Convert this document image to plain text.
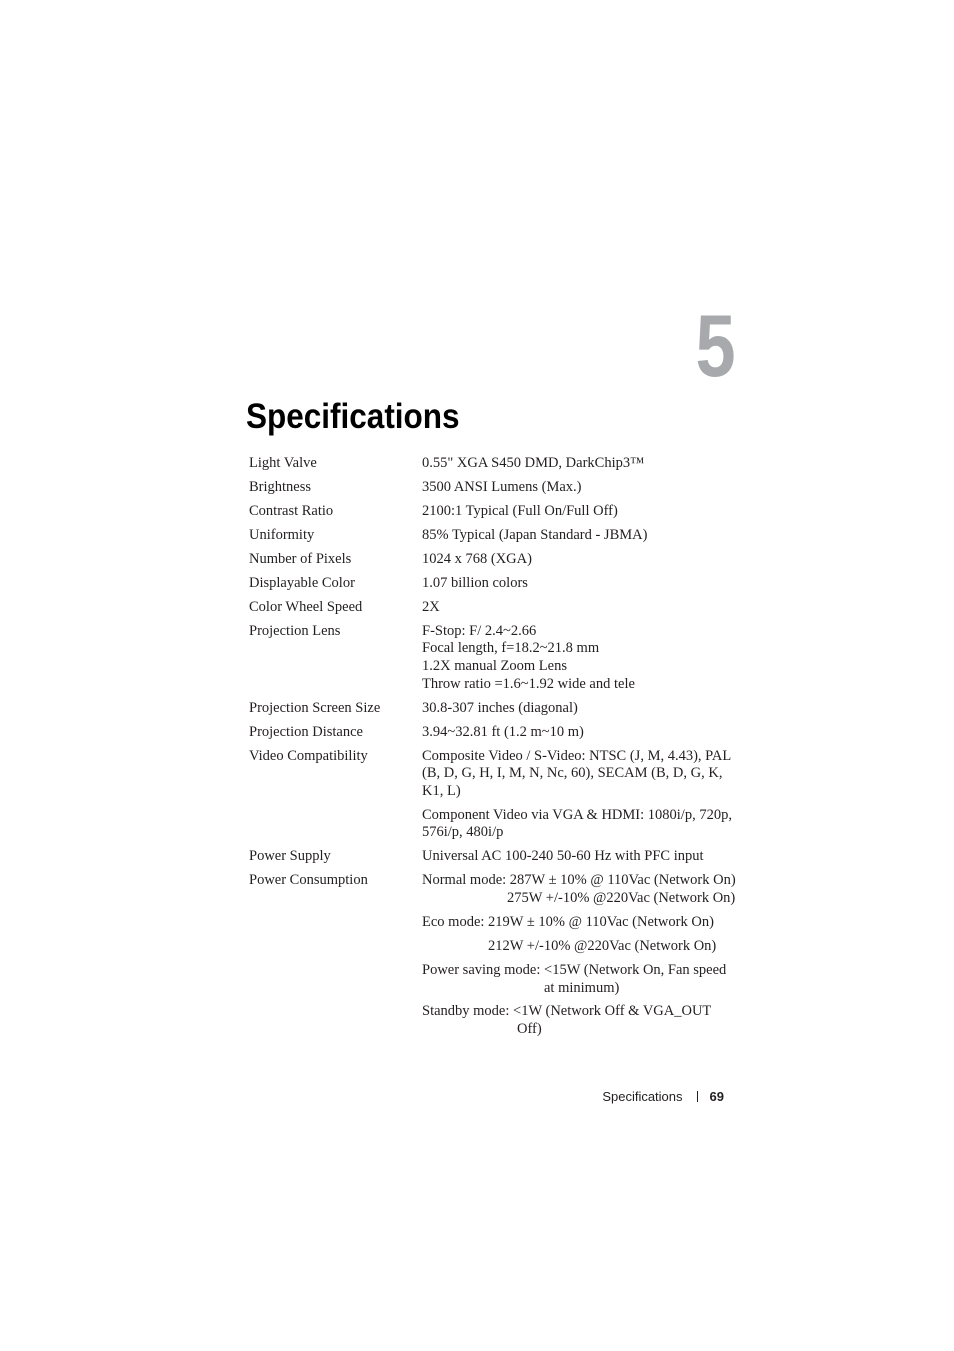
5
Specifications
Light Valve	0.55" XGA S450 DMD, DarkChip3™
Brightness	3500 ANSI Lumens (Max.)
Contrast Ratio	2100:1 Typical (Full On/Full Off)
Uniformity	85% Typical (Japan Standard - JBMA)
Number of Pixels	1024 x 768 (XGA)
Displayable Color	1.07 billion colors
Color Wheel Speed	2X
Projection Lens	F-Stop: F/ 2.4~2.66
Focal length, f=18.2~21.8 mm
1.2X manual Zoom Lens
Throw ratio =1.6~1.92 wide and tele
Projection Screen Size	30.8-307 inches (diagonal)
Projection Distance	3.94~32.81 ft (1.2 m~10 m)
Video Compatibility	Composite Video / S-Video: NTSC (J, M, 4.43), PAL (B, D, G, H, I, M, N, Nc, 60), SECAM (B, D, G, K, K1, L)
Component Video via VGA & HDMI: 1080i/p, 720p, 576i/p, 480i/p
Power Supply	Universal AC 100-240 50-60 Hz with PFC input
Power Consumption	Normal mode: 287W ± 10% @ 110Vac (Network On)
275W +/-10% @220Vac (Network On)
Eco mode: 219W ± 10% @ 110Vac (Network On)
212W +/-10% @220Vac (Network On)
Power saving mode: <15W (Network On, Fan speed
at minimum)
Standby mode: <1W (Network Off & VGA_OUT
Off)
Specifications 69
